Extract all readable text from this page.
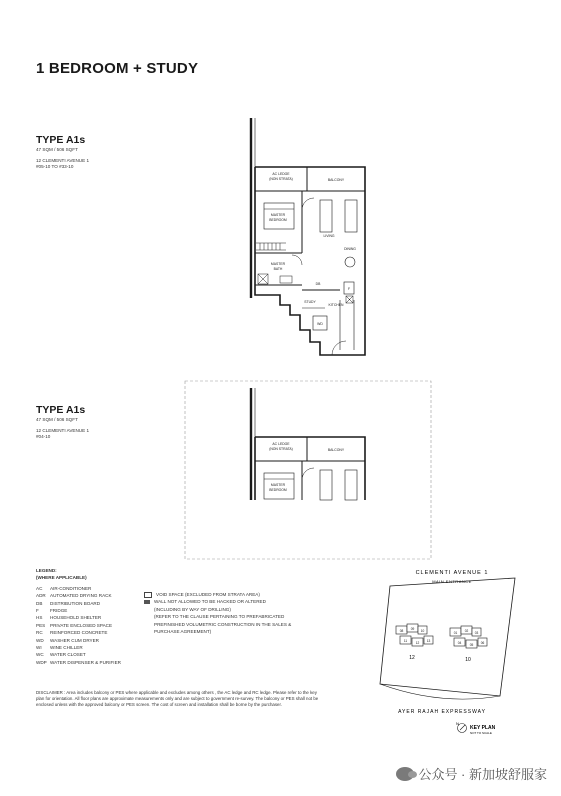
1 BEDROOM + STUDY
TYPE A1s
47 SQM / 506 SQFT
12 CLEMENTI AVENUE 1
#05-10 TO #33-10
TYPE A1s
47 SQM / 506 SQFT
12 CLEMENTI AVENUE 1
#04-10
AC LEDGE
(NON STRATA)	BALCONY
MASTER
BEDROOM
LIVING
DINING
MASTER
BATH
DB
F
STUDY
KITCHEN
WD
AC LEDGE
(NON STRATA)	BALCONY
MASTER
BEDROOM
LEGEND:
(WHERE APPLICABLE)
AC AIR-CONDITIONER
ADR AUTOMATED DRYING RACK
DB DISTRIBUTION BOARD
F FRIDGE
HS HOUSEHOLD SHELTER
PES PRIVATE ENCLOSED SPACE
RC REINFORCED CONCRETE
WD WASHER CUM DRYER
WI WINE CHILLER
WC WATER CLOSET
WDP WATER DISPENSER & PURIFIER
VOID SPACE (EXCLUDED FROM STRATA AREA)
WALL NOT ALLOWED TO BE HACKED OR ALTERED
(INCLUDING BY WAY OF DRILLING)
(REFER TO THE CLAUSE PERTAINING TO PREFABRICATED
PREFINISHED VOLUMETRIC CONSTRUCTION IN THE SALES &
PURCHASE AGREEMENT)
CLEMENTI AVENUE 1
MAIN ENTRANCE
08 09 10
11	12 13
01 02 03
04	05 06
12	10
AYER RAJAH EXPRESSWAY
N
KEY PLAN
NOT TO SCALE
DISCLAIMER : Area includes balcony or PES where applicable and excludes among others , the AC ledge and RC ledge. Please refer to the key plan for orientation. All floor plans are approximate measurements only and are subject to government re-survey. The balcony or PES shall not be enclosed unless with the approved balcony or PES screen. The cost of screen and installation shall be borne by the purchaser.
公众号 · 新加坡舒服家
